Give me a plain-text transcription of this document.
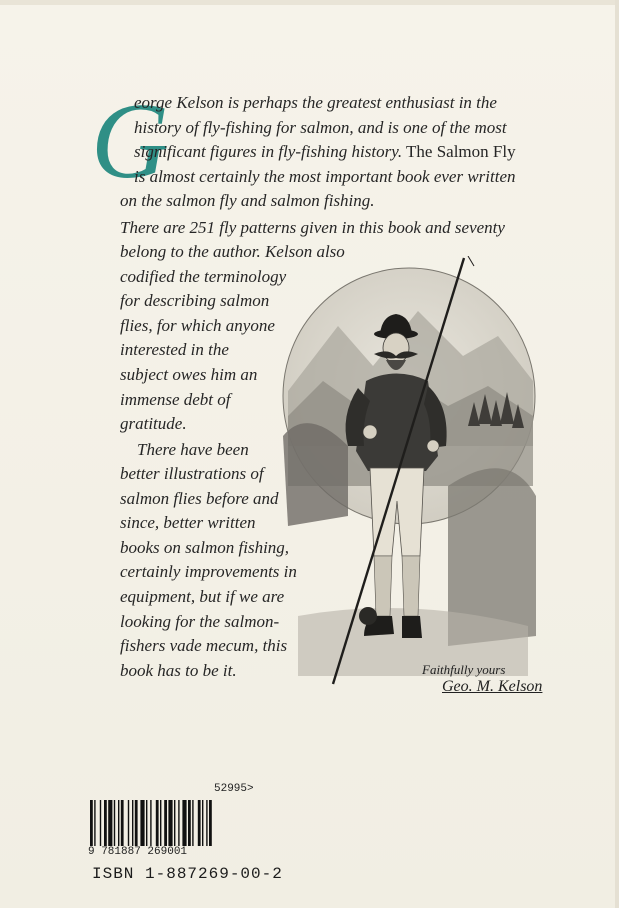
G
eorge Kelson is perhaps the greatest enthusiast in the
history of fly-fishing for salmon, and is one of the most
significant figures in fly-fishing history. The Salmon Fly
is almost certainly the most important book ever written
on the salmon fly and salmon fishing.
There are 251 fly patterns given in this book and seventy
belong to the author. Kelson also
codified the terminology
for describing salmon
flies, for which anyone
interested in the
subject owes him an
immense debt of
gratitude.
There have been
better illustrations of
salmon flies before and
since, better written
books on salmon fishing,
certainly improvements in
equipment, but if we are
looking for the salmon-
fishers vade mecum, this
book has to be it.	Faithfully yours
Geo. M. Kelson
52995>
9 781887 269001
ISBN 1-887269-00-2
